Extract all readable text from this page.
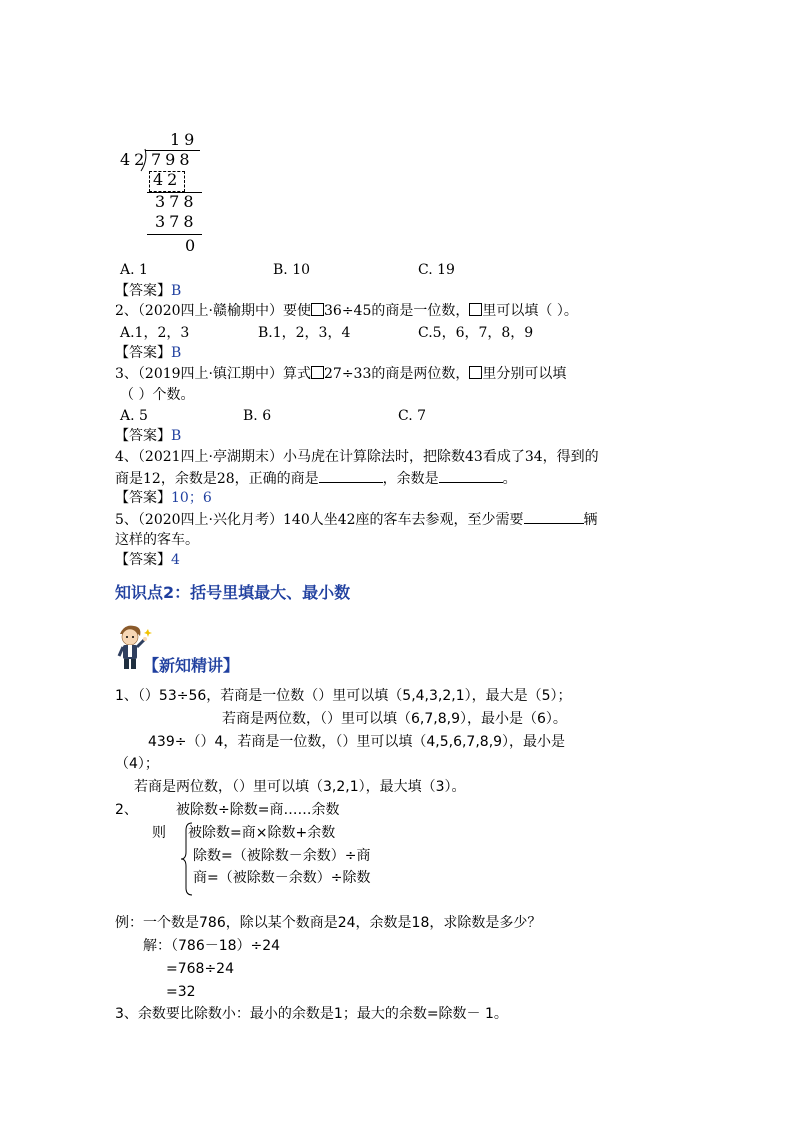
19
42 798
42
378
378
0
A. 1	B. 10	C. 19
【答案】B
2、（2020四上·赣榆期中）要使 36÷45的商是一位数， 里可以填（ ）。
A.1，2，3	B.1，2，3，4	C.5，6，7，8，9
【答案】B
3、（2019四上·镇江期中）算式 27÷33的商是两位数， 里分别可以填
（ ）个数。
A. 5	B. 6	C. 7
【答案】B
4、（2021四上·亭湖期末）小马虎在计算除法时，把除数43看成了34，得到的
商是12，余数是28，正确的商是	，余数是	。
【答案】10；6
5、（2020四上·兴化月考）140人坐42座的客车去参观，至少需要	辆
这样的客车。
【答案】4
知识点2：括号里填最大、最小数
【新知精讲】
1、（）53÷56，若商是一位数（）里可以填（5,4,3,2,1），最大是（5）；
若商是两位数，（）里可以填（6,7,8,9），最小是（6）。
439÷（）4，若商是一位数，（）里可以填（4,5,6,7,8,9），最小是
（4）；
若商是两位数，（）里可以填（3,2,1），最大填（3）。
2、	被除数÷除数=商……余数
则 被除数=商×除数+余数
除数=（被除数－余数）÷商
商=（被除数－余数）÷除数
例：一个数是786，除以某个数商是24，余数是18，求除数是多少？
解：（786－18）÷24
=768÷24
=32
3、余数要比除数小：最小的余数是1；最大的余数=除数－ 1。
